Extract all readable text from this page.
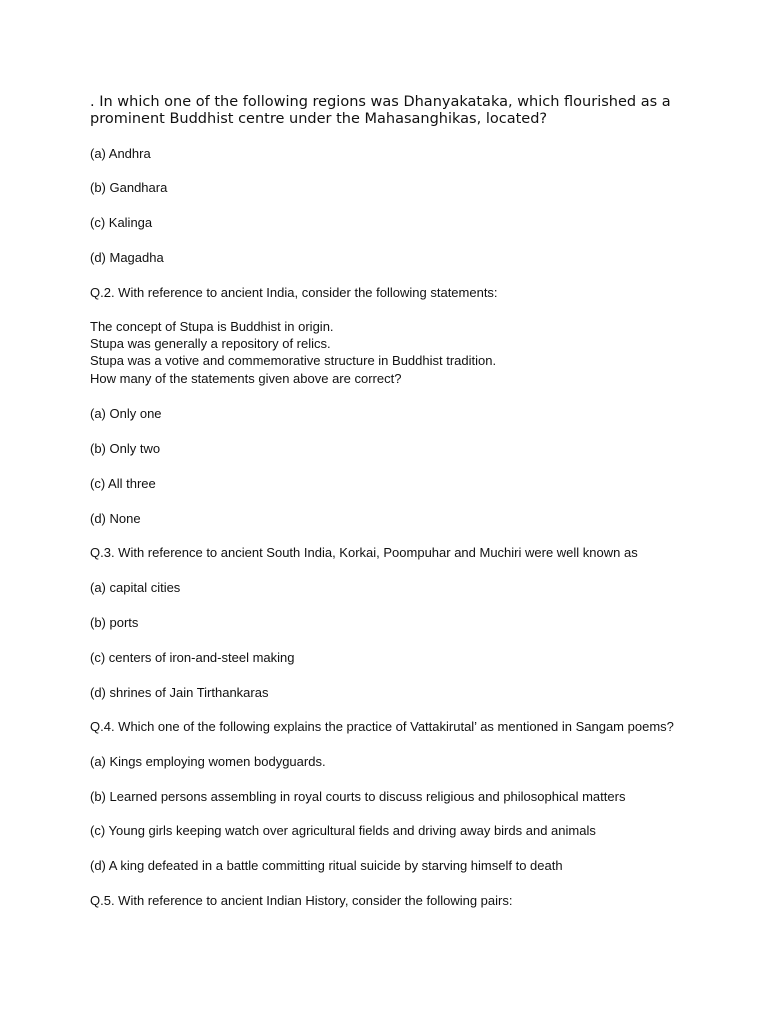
. In which one of the following regions was Dhanyakataka, which flourished as a

prominent Buddhist centre under the Mahasanghikas, located?

(a) Andhra

(b) Gandhara

(c) Kalinga

(d) Magadha

Q.2. With reference to ancient India, consider the following statements:

The concept of Stupa is Buddhist in origin.

Stupa was generally a repository of relics.

Stupa was a votive and commemorative structure in Buddhist tradition.

How many of the statements given above are correct?

(a) Only one

(b) Only two

(c) All three

(d) None

Q.3. With reference to ancient South India, Korkai, Poompuhar and Muchiri were well known as

(a) capital cities

(b) ports

(c) centers of iron-and-steel making

(d) shrines of Jain Tirthankaras

Q.4. Which one of the following explains the practice of Vattakirutal’ as mentioned in Sangam poems?

(a) Kings employing women bodyguards.

(b) Learned persons assembling in royal courts to discuss religious and philosophical matters

(c) Young girls keeping watch over agricultural fields and driving away birds and animals

(d) A king defeated in a battle committing ritual suicide by starving himself to death

Q.5. With reference to ancient Indian History, consider the following pairs:
